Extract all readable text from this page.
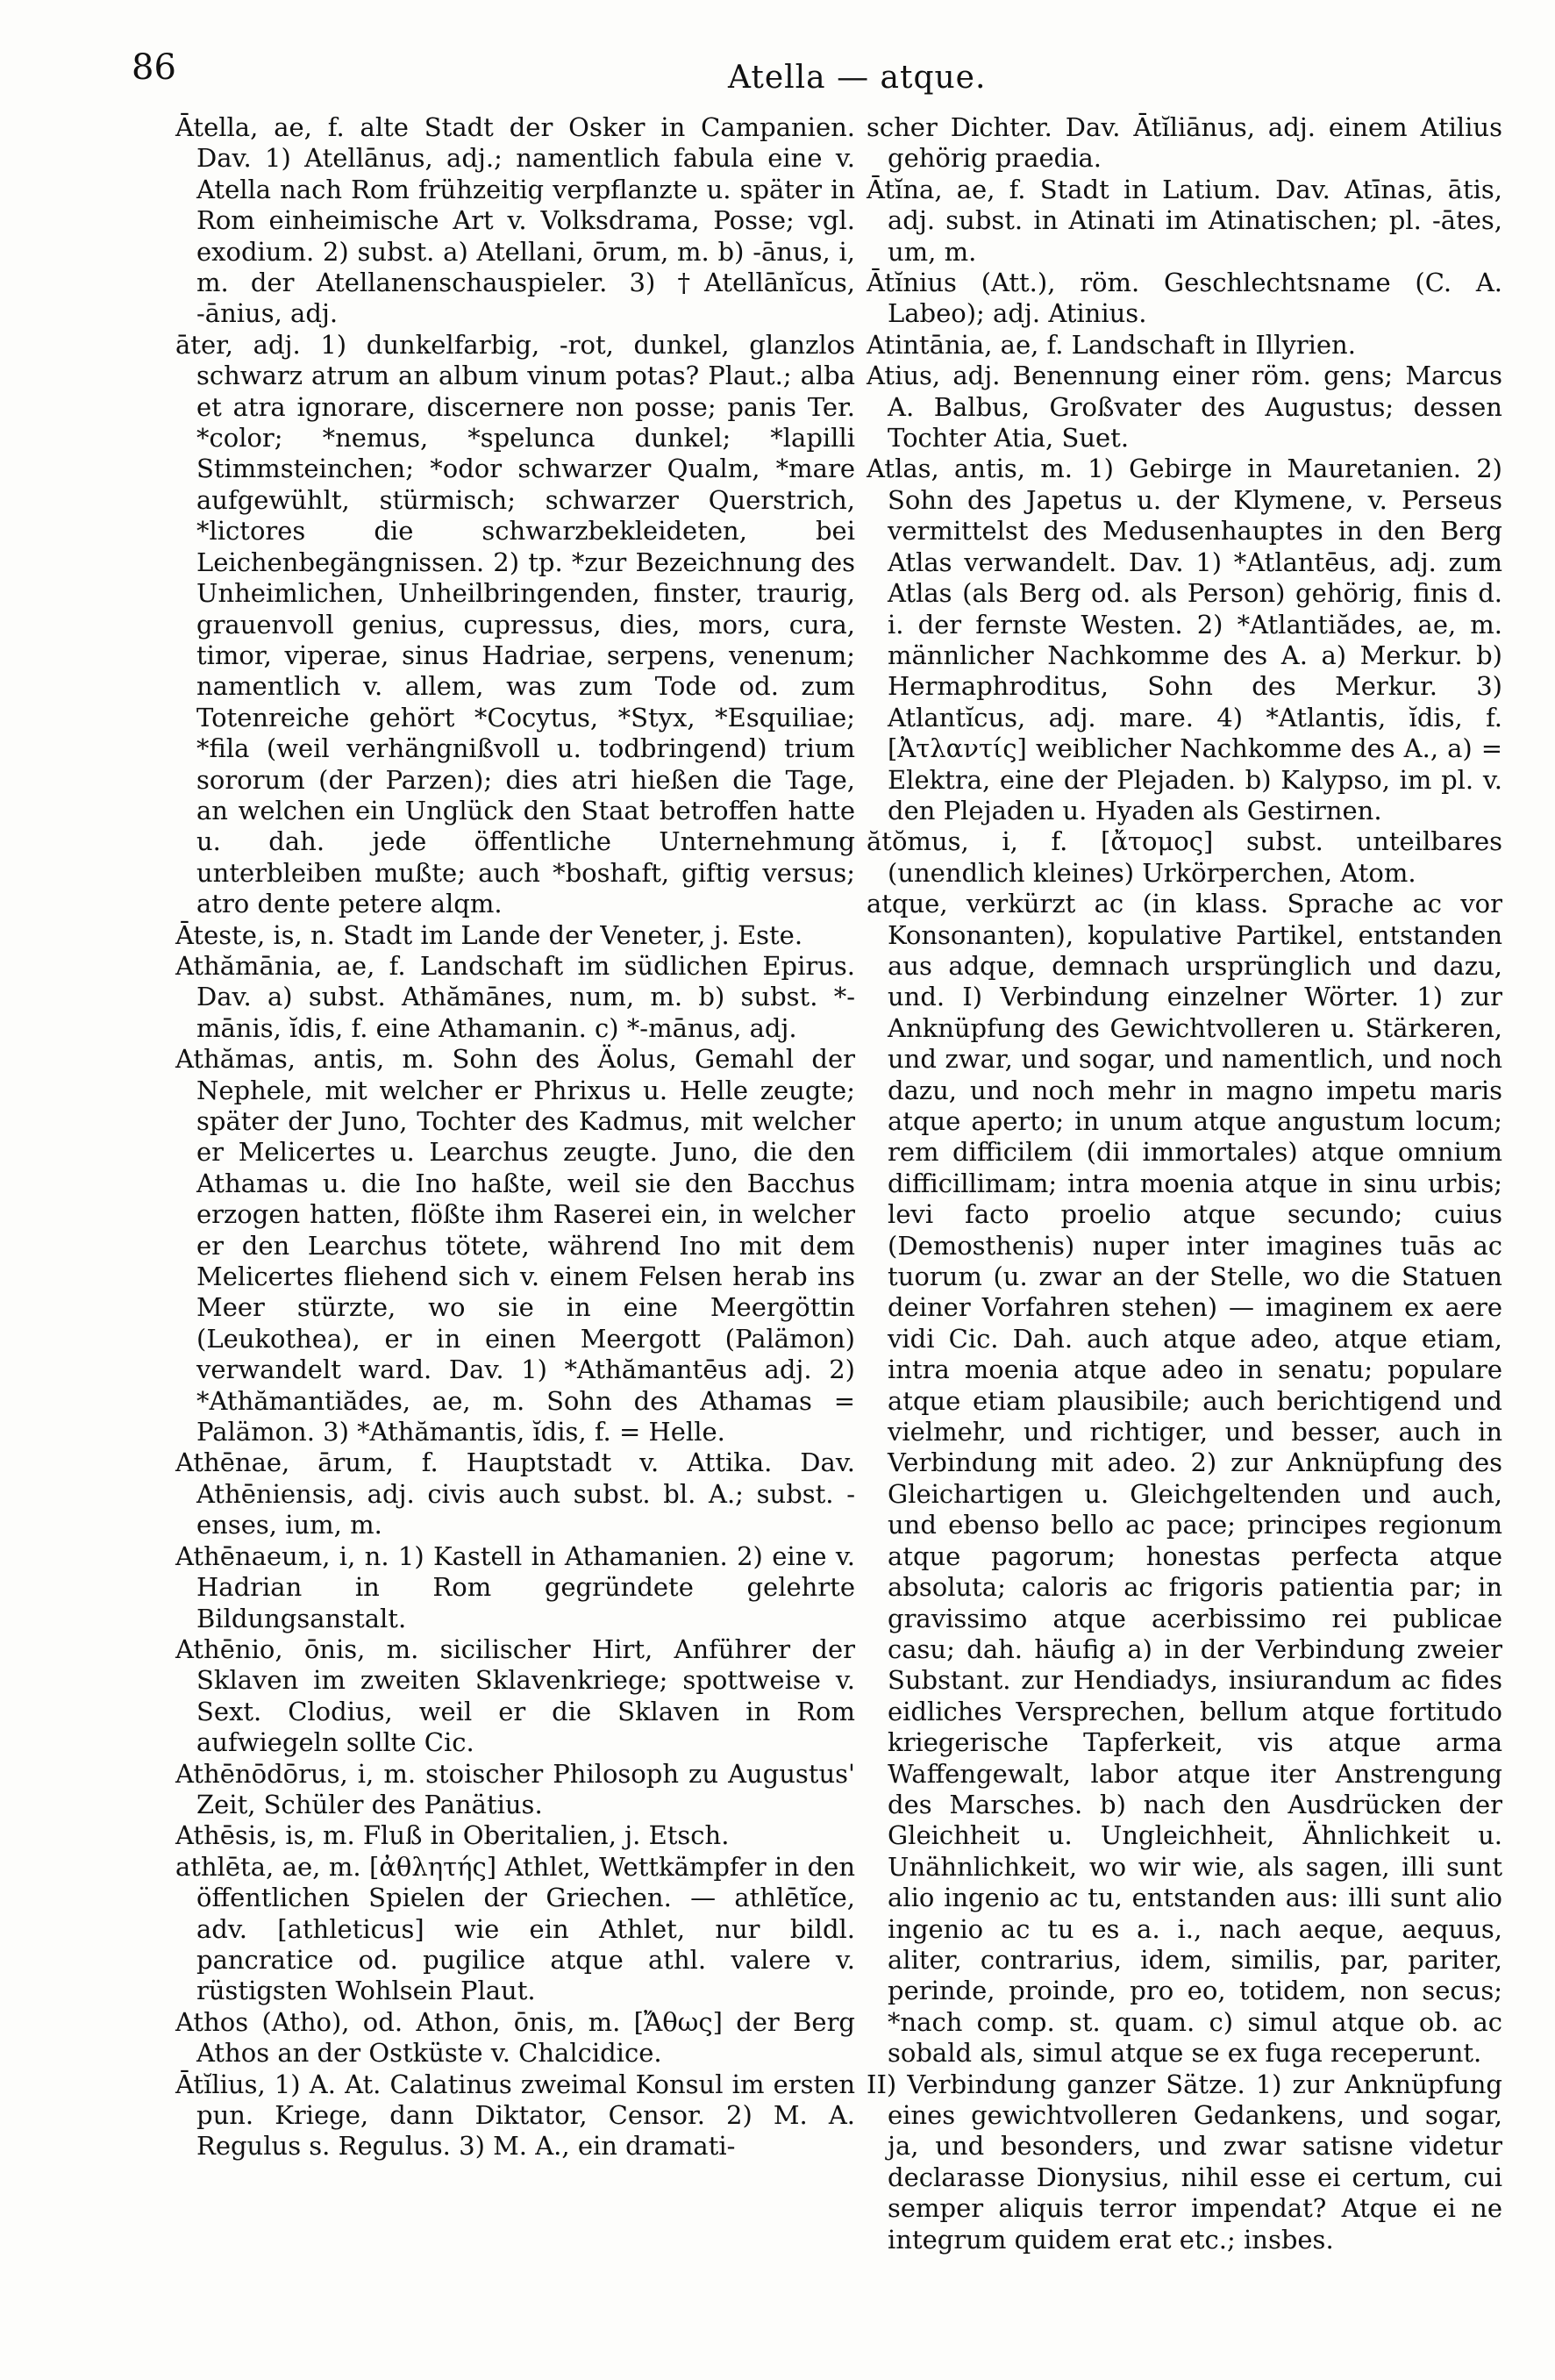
86	Atella — atque.

Ātella, ae, f. alte Stadt der Osker in Campanien. Dav. 1) Atellānus, adj.; namentlich fabula eine v. Atella nach Rom frühzeitig verpflanzte u. später in Rom einheimische Art v. Volksdrama, Posse; vgl. exodium. 2) subst. a) Atellani, ōrum, m. b) -ānus, i, m. der Atellanenschauspieler. 3) †Atellānĭcus, -ānius, adj.

āter, adj. 1) dunkelfarbig, -rot, dunkel, glanzlos schwarz atrum an album vinum potas? Plaut.; alba et atra ignorare, discernere non posse; panis Ter. *color; *nemus, *spelunca dunkel; *lapilli Stimmsteinchen; *odor schwarzer Qualm, *mare aufgewühlt, stürmisch; schwarzer Querstrich, *lictores die schwarzbekleideten, bei Leichenbegängnissen. 2) tp. *zur Bezeichnung des Unheimlichen, Unheilbringenden, finster, traurig, grauenvoll genius, cupressus, dies, mors, cura, timor, viperae, sinus Hadriae, serpens, venenum; namentlich v. allem, was zum Tode od. zum Totenreiche gehört *Cocytus, *Styx, *Esquiliae; *fila (weil verhängnißvoll u. todbringend) trium sororum (der Parzen); dies atri hießen die Tage, an welchen ein Unglück den Staat betroffen hatte u. dah. jede öffentliche Unternehmung unterbleiben mußte; auch *boshaft, giftig versus; atro dente petere alqm.

Āteste, is, n. Stadt im Lande der Veneter, j. Este.

Athămānia, ae, f. Landschaft im südlichen Epirus. Dav. a) subst. Athămānes, num, m. b) subst. *-mānis, ĭdis, f. eine Athamanin. c) *-mānus, adj.

Athămas, antis, m. Sohn des Äolus, Gemahl der Nephele, mit welcher er Phrixus u. Helle zeugte; später der Juno, Tochter des Kadmus, mit welcher er Melicertes u. Learchus zeugte. Juno, die den Athamas u. die Ino haßte, weil sie den Bacchus erzogen hatten, flößte ihm Raserei ein, in welcher er den Learchus tötete, während Ino mit dem Melicertes fliehend sich v. einem Felsen herab ins Meer stürzte, wo sie in eine Meergöttin (Leukothea), er in einen Meergott (Palämon) verwandelt ward. Dav. 1) *Athămantēus adj. 2) *Athămantiădes, ae, m. Sohn des Athamas = Palämon. 3) *Athămantis, ĭdis, f. = Helle.

Athēnae, ārum, f. Hauptstadt v. Attika. Dav. Athēniensis, adj. civis auch subst. bl. A.; subst. -enses, ium, m.

Athēnaeum, i, n. 1) Kastell in Athamanien. 2) eine v. Hadrian in Rom gegründete gelehrte Bildungsanstalt.

Athēnio, ōnis, m. sicilischer Hirt, Anführer der Sklaven im zweiten Sklavenkriege; spottweise v. Sext. Clodius, weil er die Sklaven in Rom aufwiegeln sollte Cic.

Athēnōdōrus, i, m. stoischer Philosoph zu Augustus' Zeit, Schüler des Panätius.

Athēsis, is, m. Fluß in Oberitalien, j. Etsch.

athlēta, ae, m. [ἀθλητής] Athlet, Wettkämpfer in den öffentlichen Spielen der Griechen. — athlētĭce, adv. [athleticus] wie ein Athlet, nur bildl. pancratice od. pugilice atque athl. valere v. rüstigsten Wohlsein Plaut.

Athos (Atho), od. Athon, ōnis, m. [Ἄθως] der Berg Athos an der Ostküste v. Chalcidice.

Ātĭlius, 1) A. At. Calatinus zweimal Konsul im ersten pun. Kriege, dann Diktator, Censor. 2) M. A. Regulus s. Regulus. 3) M. A., ein dramati-

scher Dichter. Dav. Ātĭliānus, adj. einem Atilius gehörig praedia.

Ātĭna, ae, f. Stadt in Latium. Dav. Atīnas, ātis, adj. subst. in Atinati im Atinatischen; pl. -ātes, um, m.

Ātĭnius (Att.), röm. Geschlechtsname (C. A. Labeo); adj. Atinius.

Atintānia, ae, f. Landschaft in Illyrien.

Atius, adj. Benennung einer röm. gens; Marcus A. Balbus, Großvater des Augustus; dessen Tochter Atia, Suet.

Atlas, antis, m. 1) Gebirge in Mauretanien. 2) Sohn des Japetus u. der Klymene, v. Perseus vermittelst des Medusenhauptes in den Berg Atlas verwandelt. Dav. 1) *Atlantēus, adj. zum Atlas (als Berg od. als Person) gehörig, finis d. i. der fernste Westen. 2) *Atlantiădes, ae, m. männlicher Nachkomme des A. a) Merkur. b) Hermaphroditus, Sohn des Merkur. 3) Atlantĭcus, adj. mare. 4) *Atlantis, ĭdis, f. [Ἀτλαντίς] weiblicher Nachkomme des A., a) = Elektra, eine der Plejaden. b) Kalypso, im pl. v. den Plejaden u. Hyaden als Gestirnen.

ătŏmus, i, f. [ἄτομος] subst. unteilbares (unendlich kleines) Urkörperchen, Atom.

atque, verkürzt ac (in klass. Sprache ac vor Konsonanten), kopulative Partikel, entstanden aus adque, demnach ursprünglich und dazu, und. I) Verbindung einzelner Wörter. 1) zur Anknüpfung des Gewichtvolleren u. Stärkeren, und zwar, und sogar, und namentlich, und noch dazu, und noch mehr in magno impetu maris atque aperto; in unum atque angustum locum; rem difficilem (dii immortales) atque omnium difficillimam; intra moenia atque in sinu urbis; levi facto proelio atque secundo; cuius (Demosthenis) nuper inter imagines tuās ac tuorum (u. zwar an der Stelle, wo die Statuen deiner Vorfahren stehen) — imaginem ex aere vidi Cic. Dah. auch atque adeo, atque etiam, intra moenia atque adeo in senatu; populare atque etiam plausibile; auch berichtigend und vielmehr, und richtiger, und besser, auch in Verbindung mit adeo. 2) zur Anknüpfung des Gleichartigen u. Gleichgeltenden und auch, und ebenso bello ac pace; principes regionum atque pagorum; honestas perfecta atque absoluta; caloris ac frigoris patientia par; in gravissimo atque acerbissimo rei publicae casu; dah. häufig a) in der Verbindung zweier Substant. zur Hendiadys, insiurandum ac fides eidliches Versprechen, bellum atque fortitudo kriegerische Tapferkeit, vis atque arma Waffengewalt, labor atque iter Anstrengung des Marsches. b) nach den Ausdrücken der Gleichheit u. Ungleichheit, Ähnlichkeit u. Unähnlichkeit, wo wir wie, als sagen, illi sunt alio ingenio ac tu, entstanden aus: illi sunt alio ingenio ac tu es a. i., nach aeque, aequus, aliter, contrarius, idem, similis, par, pariter, perinde, proinde, pro eo, totidem, non secus; *nach comp. st. quam. c) simul atque ob. ac sobald als, simul atque se ex fuga receperunt.

II) Verbindung ganzer Sätze. 1) zur Anknüpfung eines gewichtvolleren Gedankens, und sogar, ja, und besonders, und zwar satisne videtur declarasse Dionysius, nihil esse ei certum, cui semper aliquis terror impendat? Atque ei ne integrum quidem erat etc.; insbes.
